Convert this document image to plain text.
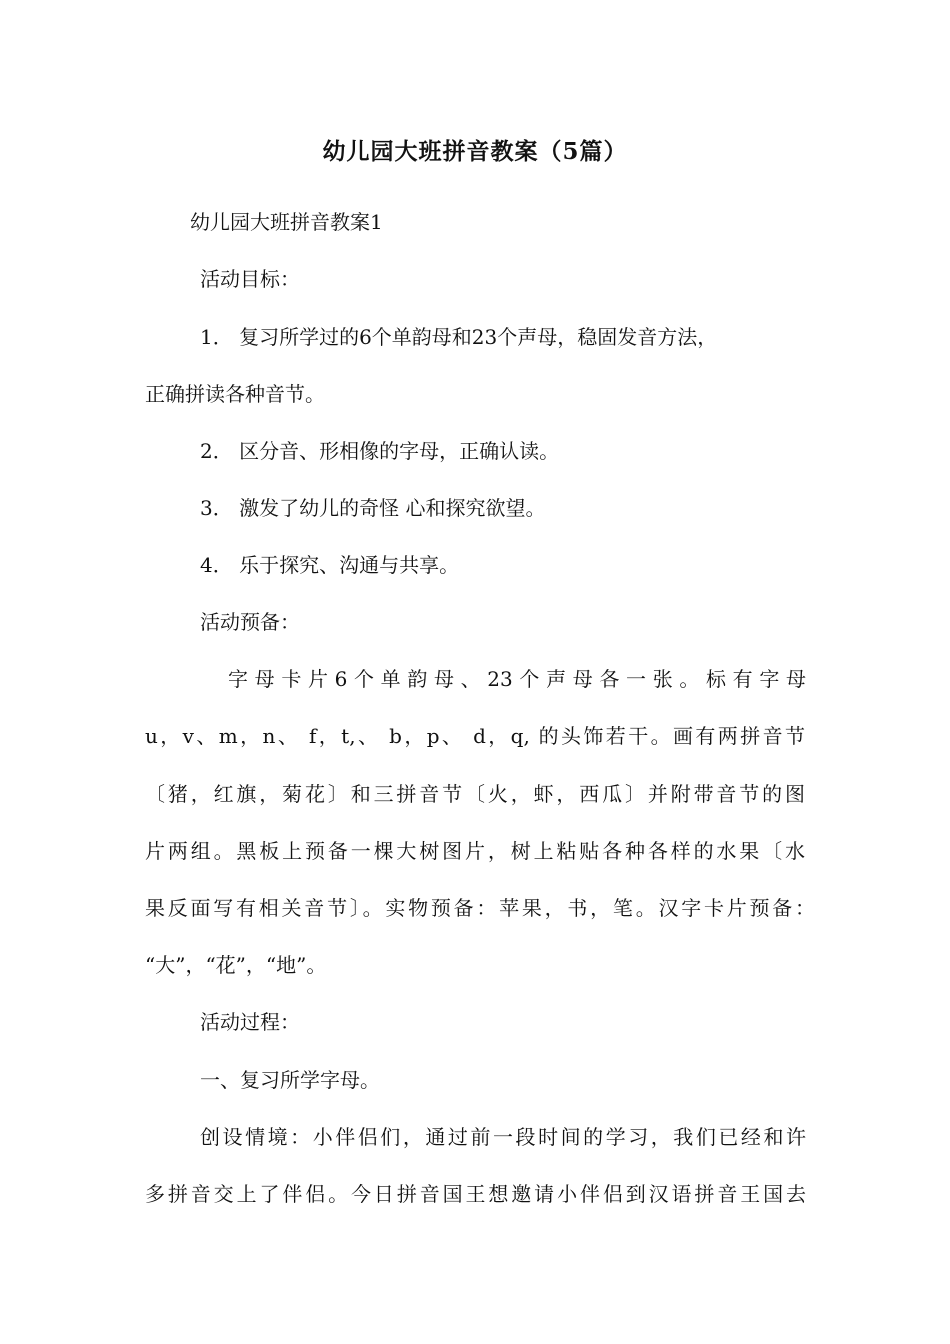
幼儿园大班拼音教案（5篇）
幼儿园大班拼音教案1
活动目标：
1． 复习所学过的6个单韵母和23个声母，稳固发音方法，
正确拼读各种音节。
2． 区分音、形相像的字母，正确认读。
3． 激发了幼儿的奇怪 心和探究欲望。
4． 乐于探究、沟通与共享。
活动预备：
字母卡片6个单韵母、23个声母各一张。标有字母
u，v、m，n、 f，t,、 b，p、 d，q, 的头饰若干。画有两拼音节
〔猪，红旗，菊花〕和三拼音节〔火，虾，西瓜〕并附带音节的图
片两组。黑板上预备一棵大树图片，树上粘贴各种各样的水果〔水
果反面写有相关音节〕。实物预备：苹果，书，笔。汉字卡片预备：
“大”，“花”，“地”。
活动过程：
一、复习所学字母。
创设情境：小伴侣们，通过前一段时间的学习，我们已经和许
多拼音交上了伴侣。今日拼音国王想邀请小伴侣到汉语拼音王国去
